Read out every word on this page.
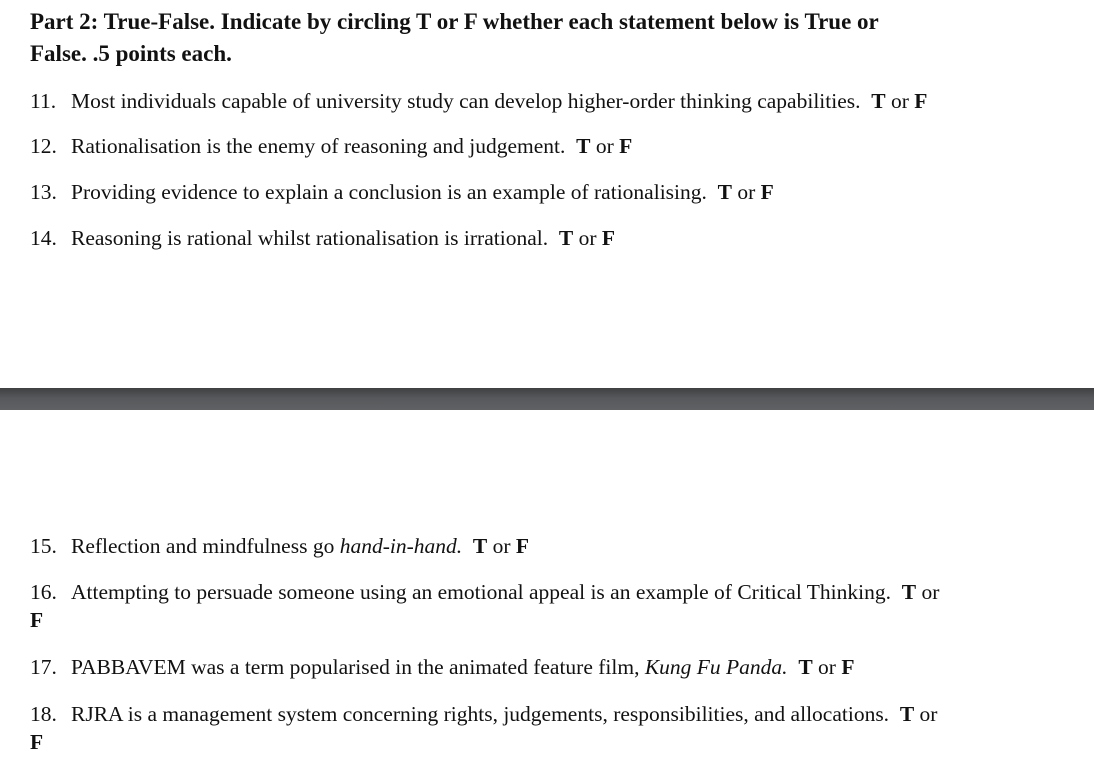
Part 2: True-False. Indicate by circling T or F whether each statement below is True or
False. .5 points each.
11. Most individuals capable of university study can develop higher-order thinking capabilities. T or F
12. Rationalisation is the enemy of reasoning and judgement. T or F
13. Providing evidence to explain a conclusion is an example of rationalising. T or F
14. Reasoning is rational whilst rationalisation is irrational. T or F
15. Reflection and mindfulness go hand-in-hand. T or F
16. Attempting to persuade someone using an emotional appeal is an example of Critical Thinking. T or
F
17. PABBAVEM was a term popularised in the animated feature film, Kung Fu Panda. T or F
18. RJRA is a management system concerning rights, judgements, responsibilities, and allocations. T or
F
